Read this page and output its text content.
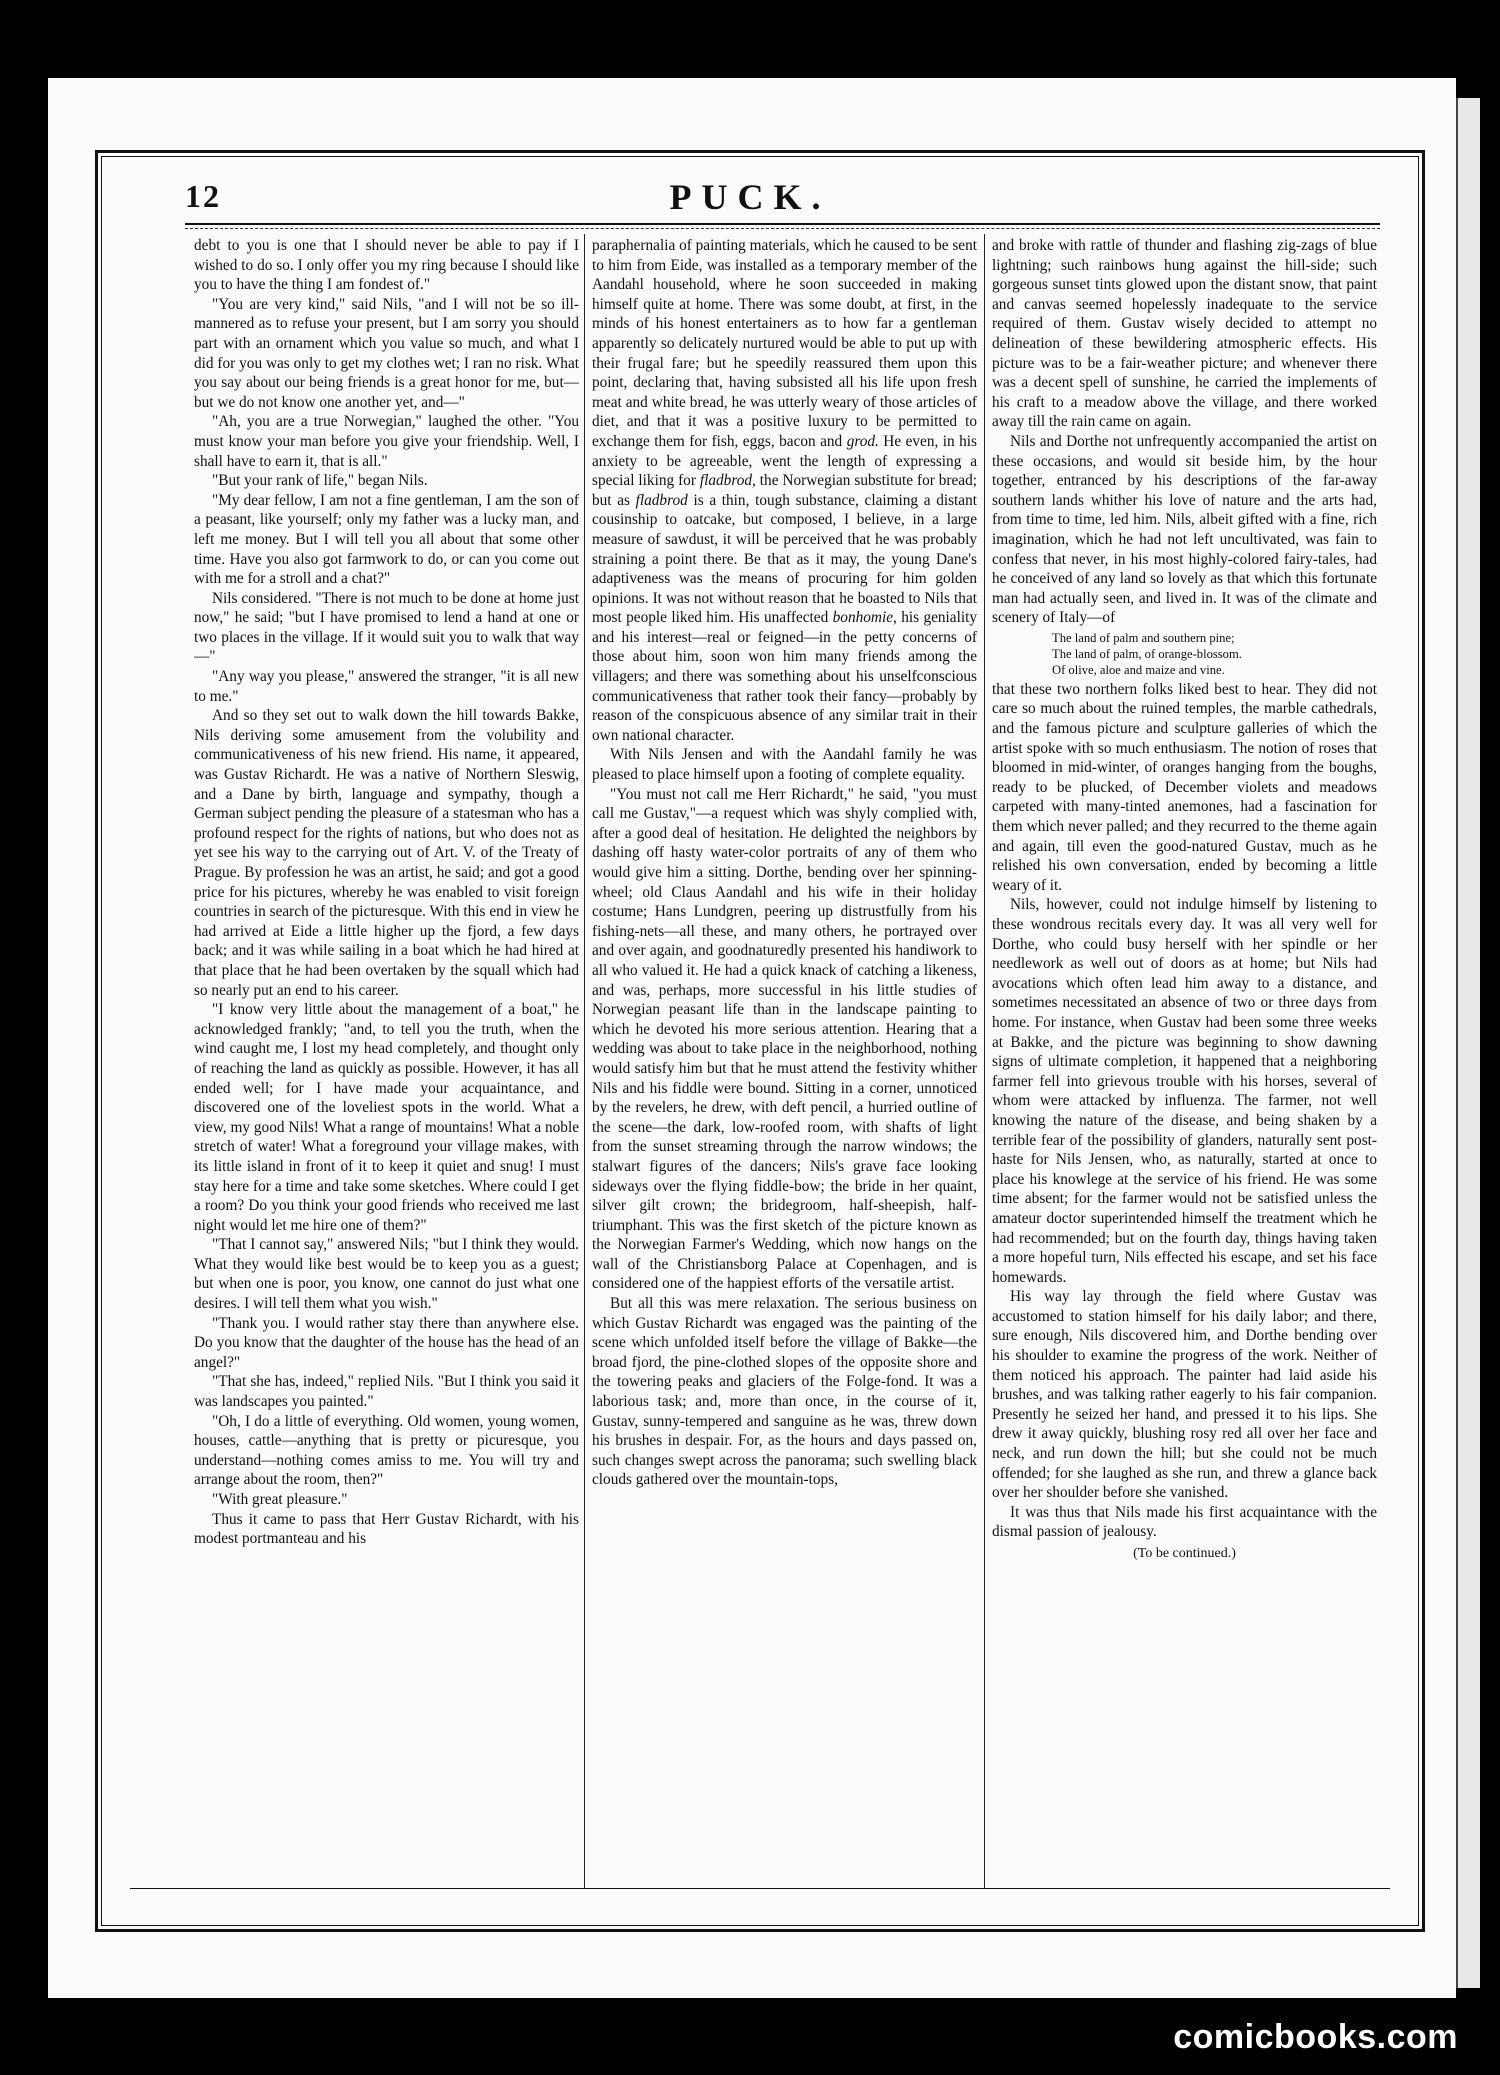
12	PUCK.

debt to you is one that I should never be able to pay if I wished to do so. I only offer you my ring because I should like you to have the thing I am fondest of."

"You are very kind," said Nils, "and I will not be so ill-mannered as to refuse your present, but I am sorry you should part with an ornament which you value so much, and what I did for you was only to get my clothes wet; I ran no risk. What you say about our being friends is a great honor for me, but—but we do not know one another yet, and—"

"Ah, you are a true Norwegian," laughed the other. "You must know your man before you give your friendship. Well, I shall have to earn it, that is all."

"But your rank of life," began Nils.

"My dear fellow, I am not a fine gentleman, I am the son of a peasant, like yourself; only my father was a lucky man, and left me money. But I will tell you all about that some other time. Have you also got farmwork to do, or can you come out with me for a stroll and a chat?"

Nils considered. "There is not much to be done at home just now," he said; "but I have promised to lend a hand at one or two places in the village. If it would suit you to walk that way—"

"Any way you please," answered the stranger, "it is all new to me."

And so they set out to walk down the hill towards Bakke, Nils deriving some amusement from the volubility and communicativeness of his new friend. His name, it appeared, was Gustav Richardt. He was a native of Northern Sleswig, and a Dane by birth, language and sympathy, though a German subject pending the pleasure of a statesman who has a profound respect for the rights of nations, but who does not as yet see his way to the carrying out of Art. V. of the Treaty of Prague. By profession he was an artist, he said; and got a good price for his pictures, whereby he was enabled to visit foreign countries in search of the picturesque. With this end in view he had arrived at Eide a little higher up the fjord, a few days back; and it was while sailing in a boat which he had hired at that place that he had been overtaken by the squall which had so nearly put an end to his career.

"I know very little about the management of a boat," he acknowledged frankly; "and, to tell you the truth, when the wind caught me, I lost my head completely, and thought only of reaching the land as quickly as possible. However, it has all ended well; for I have made your acquaintance, and discovered one of the loveliest spots in the world. What a view, my good Nils! What a range of mountains! What a noble stretch of water! What a foreground your village makes, with its little island in front of it to keep it quiet and snug! I must stay here for a time and take some sketches. Where could I get a room? Do you think your good friends who received me last night would let me hire one of them?"

"That I cannot say," answered Nils; "but I think they would. What they would like best would be to keep you as a guest; but when one is poor, you know, one cannot do just what one desires. I will tell them what you wish."

"Thank you. I would rather stay there than anywhere else. Do you know that the daughter of the house has the head of an angel?"

"That she has, indeed," replied Nils. "But I think you said it was landscapes you painted."

"Oh, I do a little of everything. Old women, young women, houses, cattle—anything that is pretty or picuresque, you understand—nothing comes amiss to me. You will try and arrange about the room, then?"

"With great pleasure."

Thus it came to pass that Herr Gustav Richardt, with his modest portmanteau and his

paraphernalia of painting materials, which he caused to be sent to him from Eide, was installed as a temporary member of the Aandahl household, where he soon succeeded in making himself quite at home. There was some doubt, at first, in the minds of his honest entertainers as to how far a gentleman apparently so delicately nurtured would be able to put up with their frugal fare; but he speedily reassured them upon this point, declaring that, having subsisted all his life upon fresh meat and white bread, he was utterly weary of those articles of diet, and that it was a positive luxury to be permitted to exchange them for fish, eggs, bacon and grod. He even, in his anxiety to be agreeable, went the length of expressing a special liking for fladbrod, the Norwegian substitute for bread; but as fladbrod is a thin, tough substance, claiming a distant cousinship to oatcake, but composed, I believe, in a large measure of sawdust, it will be perceived that he was probably straining a point there. Be that as it may, the young Dane's adaptiveness was the means of procuring for him golden opinions. It was not without reason that he boasted to Nils that most people liked him. His unaffected bonhomie, his geniality and his interest—real or feigned—in the petty concerns of those about him, soon won him many friends among the villagers; and there was something about his unselfconscious communicativeness that rather took their fancy—probably by reason of the conspicuous absence of any similar trait in their own national character.

With Nils Jensen and with the Aandahl family he was pleased to place himself upon a footing of complete equality.

"You must not call me Herr Richardt," he said, "you must call me Gustav,"—a request which was shyly complied with, after a good deal of hesitation. He delighted the neighbors by dashing off hasty water-color portraits of any of them who would give him a sitting. Dorthe, bending over her spinning-wheel; old Claus Aandahl and his wife in their holiday costume; Hans Lundgren, peering up distrustfully from his fishing-nets—all these, and many others, he portrayed over and over again, and goodnaturedly presented his handiwork to all who valued it. He had a quick knack of catching a likeness, and was, perhaps, more successful in his little studies of Norwegian peasant life than in the landscape painting to which he devoted his more serious attention. Hearing that a wedding was about to take place in the neighborhood, nothing would satisfy him but that he must attend the festivity whither Nils and his fiddle were bound. Sitting in a corner, unnoticed by the revelers, he drew, with deft pencil, a hurried outline of the scene—the dark, low-roofed room, with shafts of light from the sunset streaming through the narrow windows; the stalwart figures of the dancers; Nils's grave face looking sideways over the flying fiddle-bow; the bride in her quaint, silver gilt crown; the bridegroom, half-sheepish, half-triumphant. This was the first sketch of the picture known as the Norwegian Farmer's Wedding, which now hangs on the wall of the Christiansborg Palace at Copenhagen, and is considered one of the happiest efforts of the versatile artist.

But all this was mere relaxation. The serious business on which Gustav Richardt was engaged was the painting of the scene which unfolded itself before the village of Bakke—the broad fjord, the pine-clothed slopes of the opposite shore and the towering peaks and glaciers of the Folge-fond. It was a laborious task; and, more than once, in the course of it, Gustav, sunny-tempered and sanguine as he was, threw down his brushes in despair. For, as the hours and days passed on, such changes swept across the panorama; such swelling black clouds gathered over the mountain-tops,

and broke with rattle of thunder and flashing zig-zags of blue lightning; such rainbows hung against the hill-side; such gorgeous sunset tints glowed upon the distant snow, that paint and canvas seemed hopelessly inadequate to the service required of them. Gustav wisely decided to attempt no delineation of these bewildering atmospheric effects. His picture was to be a fair-weather picture; and whenever there was a decent spell of sunshine, he carried the implements of his craft to a meadow above the village, and there worked away till the rain came on again.

Nils and Dorthe not unfrequently accompanied the artist on these occasions, and would sit beside him, by the hour together, entranced by his descriptions of the far-away southern lands whither his love of nature and the arts had, from time to time, led him. Nils, albeit gifted with a fine, rich imagination, which he had not left uncultivated, was fain to confess that never, in his most highly-colored fairy-tales, had he conceived of any land so lovely as that which this fortunate man had actually seen, and lived in. It was of the climate and scenery of Italy—of

The land of palm and southern pine;
The land of palm, of orange-blossom.
Of olive, aloe and maize and vine.

that these two northern folks liked best to hear. They did not care so much about the ruined temples, the marble cathedrals, and the famous picture and sculpture galleries of which the artist spoke with so much enthusiasm. The notion of roses that bloomed in mid-winter, of oranges hanging from the boughs, ready to be plucked, of December violets and meadows carpeted with many-tinted anemones, had a fascination for them which never palled; and they recurred to the theme again and again, till even the good-natured Gustav, much as he relished his own conversation, ended by becoming a little weary of it.

Nils, however, could not indulge himself by listening to these wondrous recitals every day. It was all very well for Dorthe, who could busy herself with her spindle or her needlework as well out of doors as at home; but Nils had avocations which often lead him away to a distance, and sometimes necessitated an absence of two or three days from home. For instance, when Gustav had been some three weeks at Bakke, and the picture was beginning to show dawning signs of ultimate completion, it happened that a neighboring farmer fell into grievous trouble with his horses, several of whom were attacked by influenza. The farmer, not well knowing the nature of the disease, and being shaken by a terrible fear of the possibility of glanders, naturally sent post-haste for Nils Jensen, who, as naturally, started at once to place his knowlege at the service of his friend. He was some time absent; for the farmer would not be satisfied unless the amateur doctor superintended himself the treatment which he had recommended; but on the fourth day, things having taken a more hopeful turn, Nils effected his escape, and set his face homewards.

His way lay through the field where Gustav was accustomed to station himself for his daily labor; and there, sure enough, Nils discovered him, and Dorthe bending over his shoulder to examine the progress of the work. Neither of them noticed his approach. The painter had laid aside his brushes, and was talking rather eagerly to his fair companion. Presently he seized her hand, and pressed it to his lips. She drew it away quickly, blushing rosy red all over her face and neck, and run down the hill; but she could not be much offended; for she laughed as she run, and threw a glance back over her shoulder before she vanished.

It was thus that Nils made his first acquaintance with the dismal passion of jealousy.

(To be continued.)

comicbooks.com
